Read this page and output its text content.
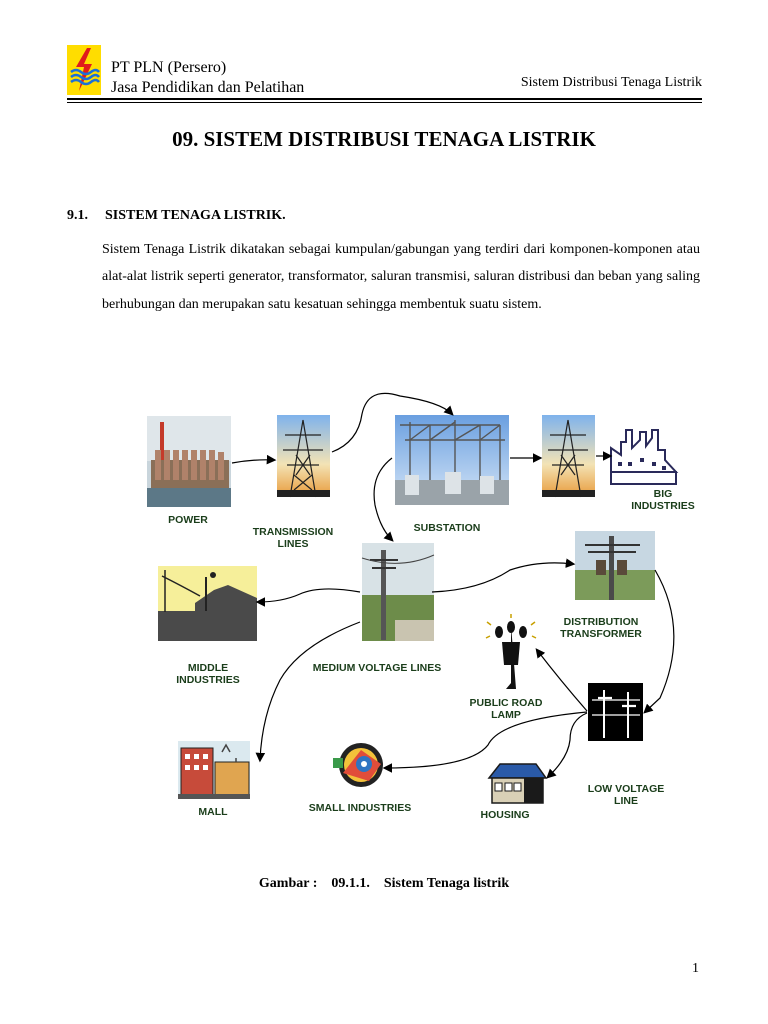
PT PLN (Persero)
Jasa Pendidikan dan Pelatihan	Sistem Distribusi Tenaga Listrik
09. SISTEM DISTRIBUSI TENAGA LISTRIK
9.1. SISTEM TENAGA LISTRIK.
Sistem Tenaga Listrik dikatakan sebagai kumpulan/gabungan yang terdiri dari komponen-komponen atau alat-alat listrik seperti generator, transformator, saluran transmisi, saluran distribusi dan beban yang saling berhubungan dan merupakan satu kesatuan sehingga membentuk suatu sistem.
POWER
TRANSMISSION
LINES
SUBSTATION
BIG
INDUSTRIES
DISTRIBUTION
TRANSFORMER
MIDDLE
INDUSTRIES
MEDIUM VOLTAGE LINES
PUBLIC ROAD
LAMP
LOW VOLTAGE
LINE
MALL	SMALL INDUSTRIES
HOUSING
Gambar : 09.1.1. Sistem Tenaga listrik
1
